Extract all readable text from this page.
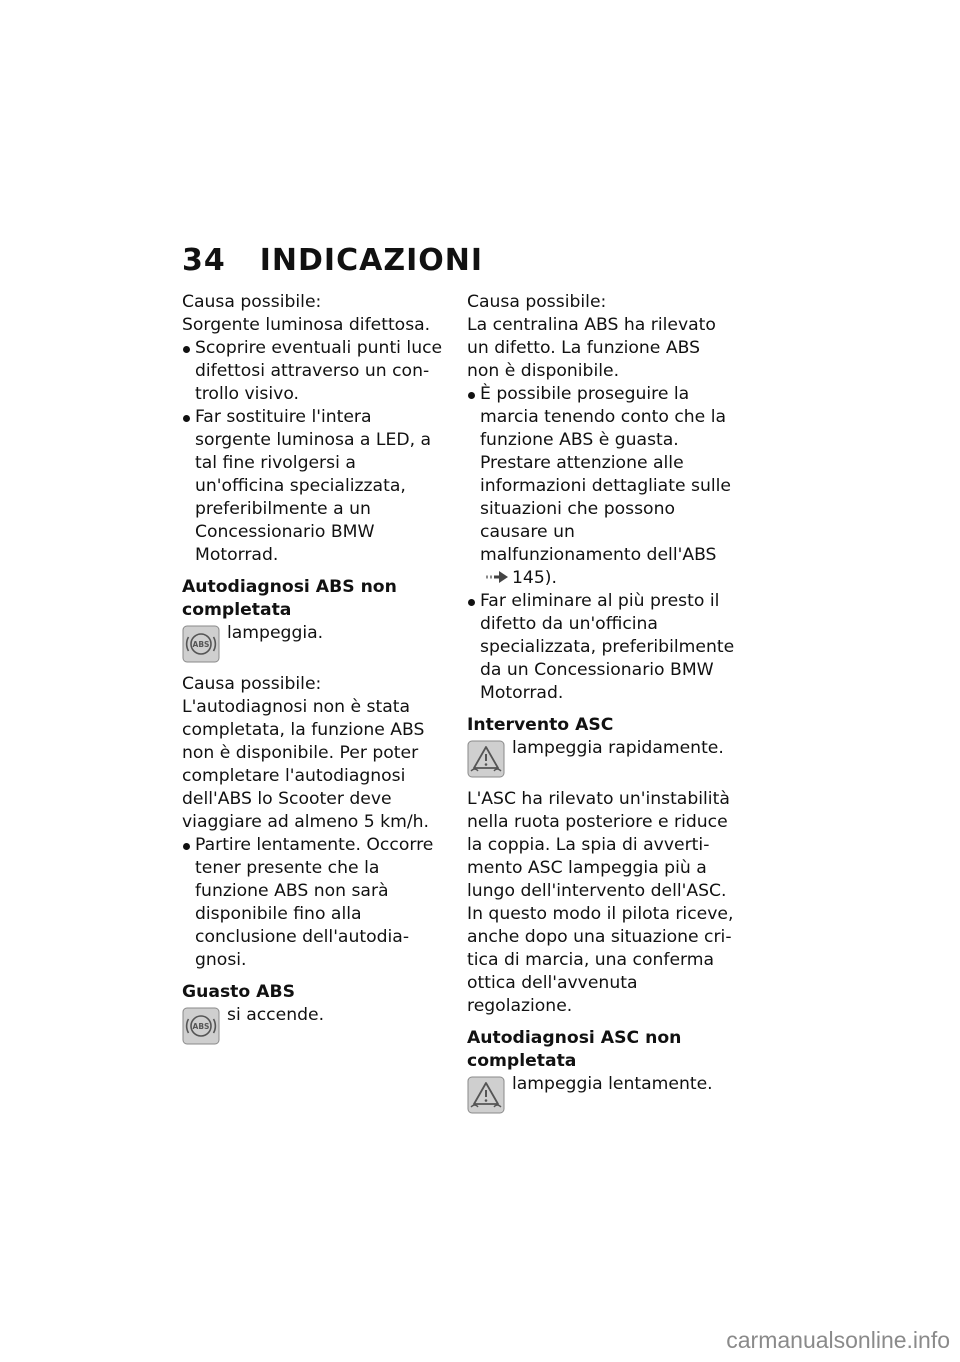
34 INDICAZIONI

Causa possibile:

Sorgente luminosa difettosa.

Scoprire eventuali punti luce difettosi attraverso un controllo visivo.
Far sostituire l'intera sorgente luminosa a LED, a tal fine rivolgersi a un'officina specializzata, preferibilmente a un Concessionario BMW Motorrad.
Autodiagnosi ABS non completata
ABS

lampeggia.

Causa possibile:

L'autodiagnosi non è stata completata, la funzione ABS non è disponibile. Per poter completare l'autodiagnosi dell'ABS lo Scooter deve viaggiare ad almeno 5 km/h.

Partire lentamente. Occorre tener presente che la funzione ABS non sarà disponibile fino alla conclusione dell'autodiagnosi.
Guasto ABS
ABS

si accende.

Causa possibile:

La centralina ABS ha rilevato un difetto. La funzione ABS non è disponibile.

È possibile proseguire la marcia tenendo conto che la funzione ABS è guasta. Prestare attenzione alle informazioni dettagliate sulle situazioni che possono causare un malfunzionamento dell'ABS145).
Far eliminare al più presto il difetto da un'officina specializzata, preferibilmente da un Concessionario BMW Motorrad.
Intervento ASC

lampeggia rapidamente.

L'ASC ha rilevato un'instabilità nella ruota posteriore e riduce la coppia. La spia di avvertimento ASC lampeggia più a lungo dell'intervento dell'ASC. In questo modo il pilota riceve, anche dopo una situazione critica di marcia, una conferma ottica dell'avvenuta regolazione.

Autodiagnosi ASC non completata

lampeggia lentamente.

carmanualsonline.info
